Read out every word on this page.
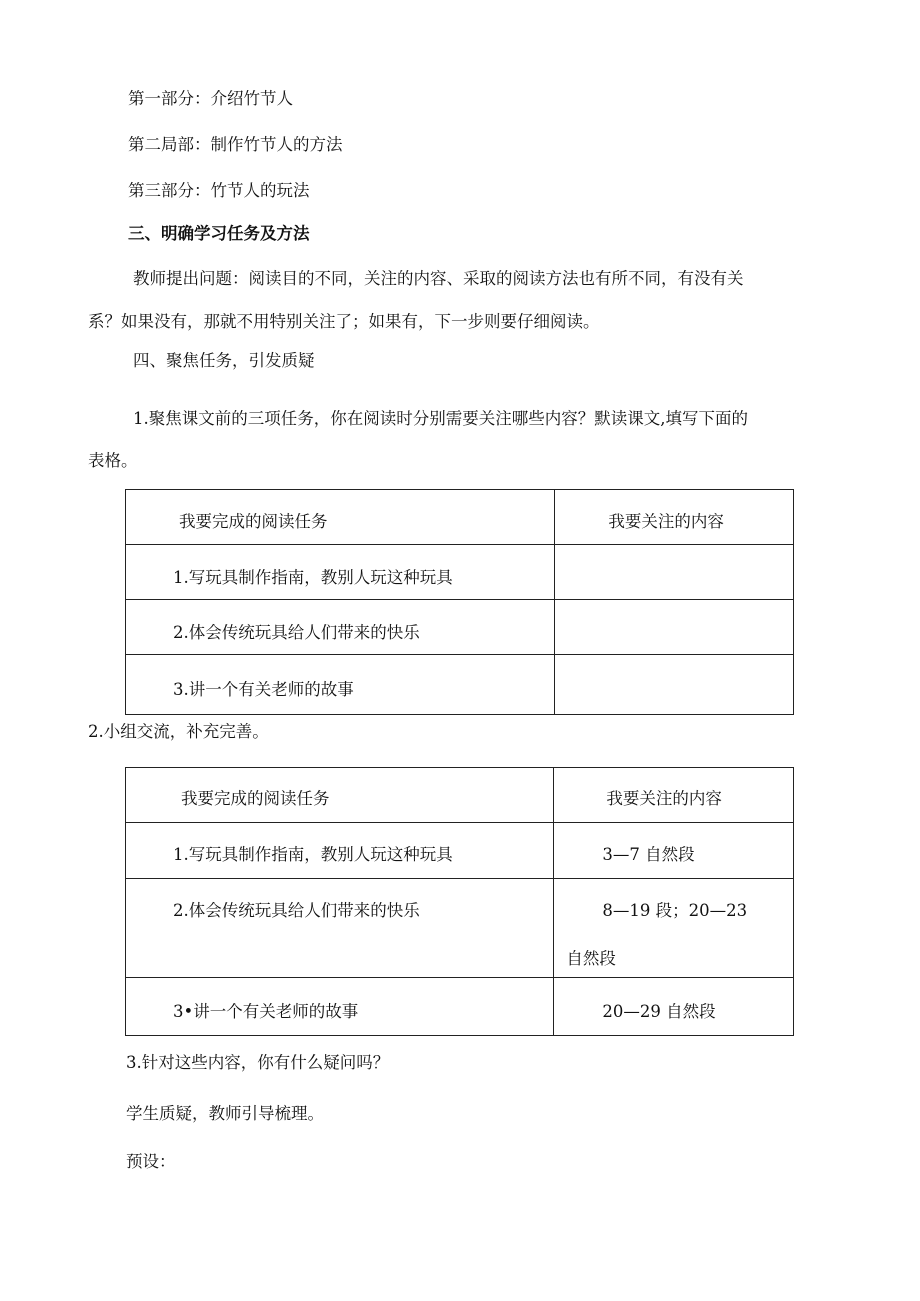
第一部分：介绍竹节人
第二局部：制作竹节人的方法
第三部分：竹节人的玩法
三、明确学习任务及方法
教师提出问题：阅读目的不同，关注的内容、采取的阅读方法也有所不同，有没有关
系？如果没有，那就不用特别关注了；如果有，下一步则要仔细阅读。
四、聚焦任务，引发质疑
1.聚焦课文前的三项任务，你在阅读时分别需要关注哪些内容？默读课文,填写下面的
表格。
我要完成的阅读任务	我要关注的内容

1.写玩具制作指南，教别人玩这种玩具	

2.体会传统玩具给人们带来的快乐	

3.讲一个有关老师的故事	

2.小组交流，补充完善。
我要完成的阅读任务	我要关注的内容

1.写玩具制作指南，教别人玩这种玩具	3—7 自然段

2.体会传统玩具给人们带来的快乐	8—19 段；20—23
自然段

3•讲一个有关老师的故事	20—29 自然段
3.针对这些内容，你有什么疑问吗？
学生质疑，教师引导梳理。
预设：
